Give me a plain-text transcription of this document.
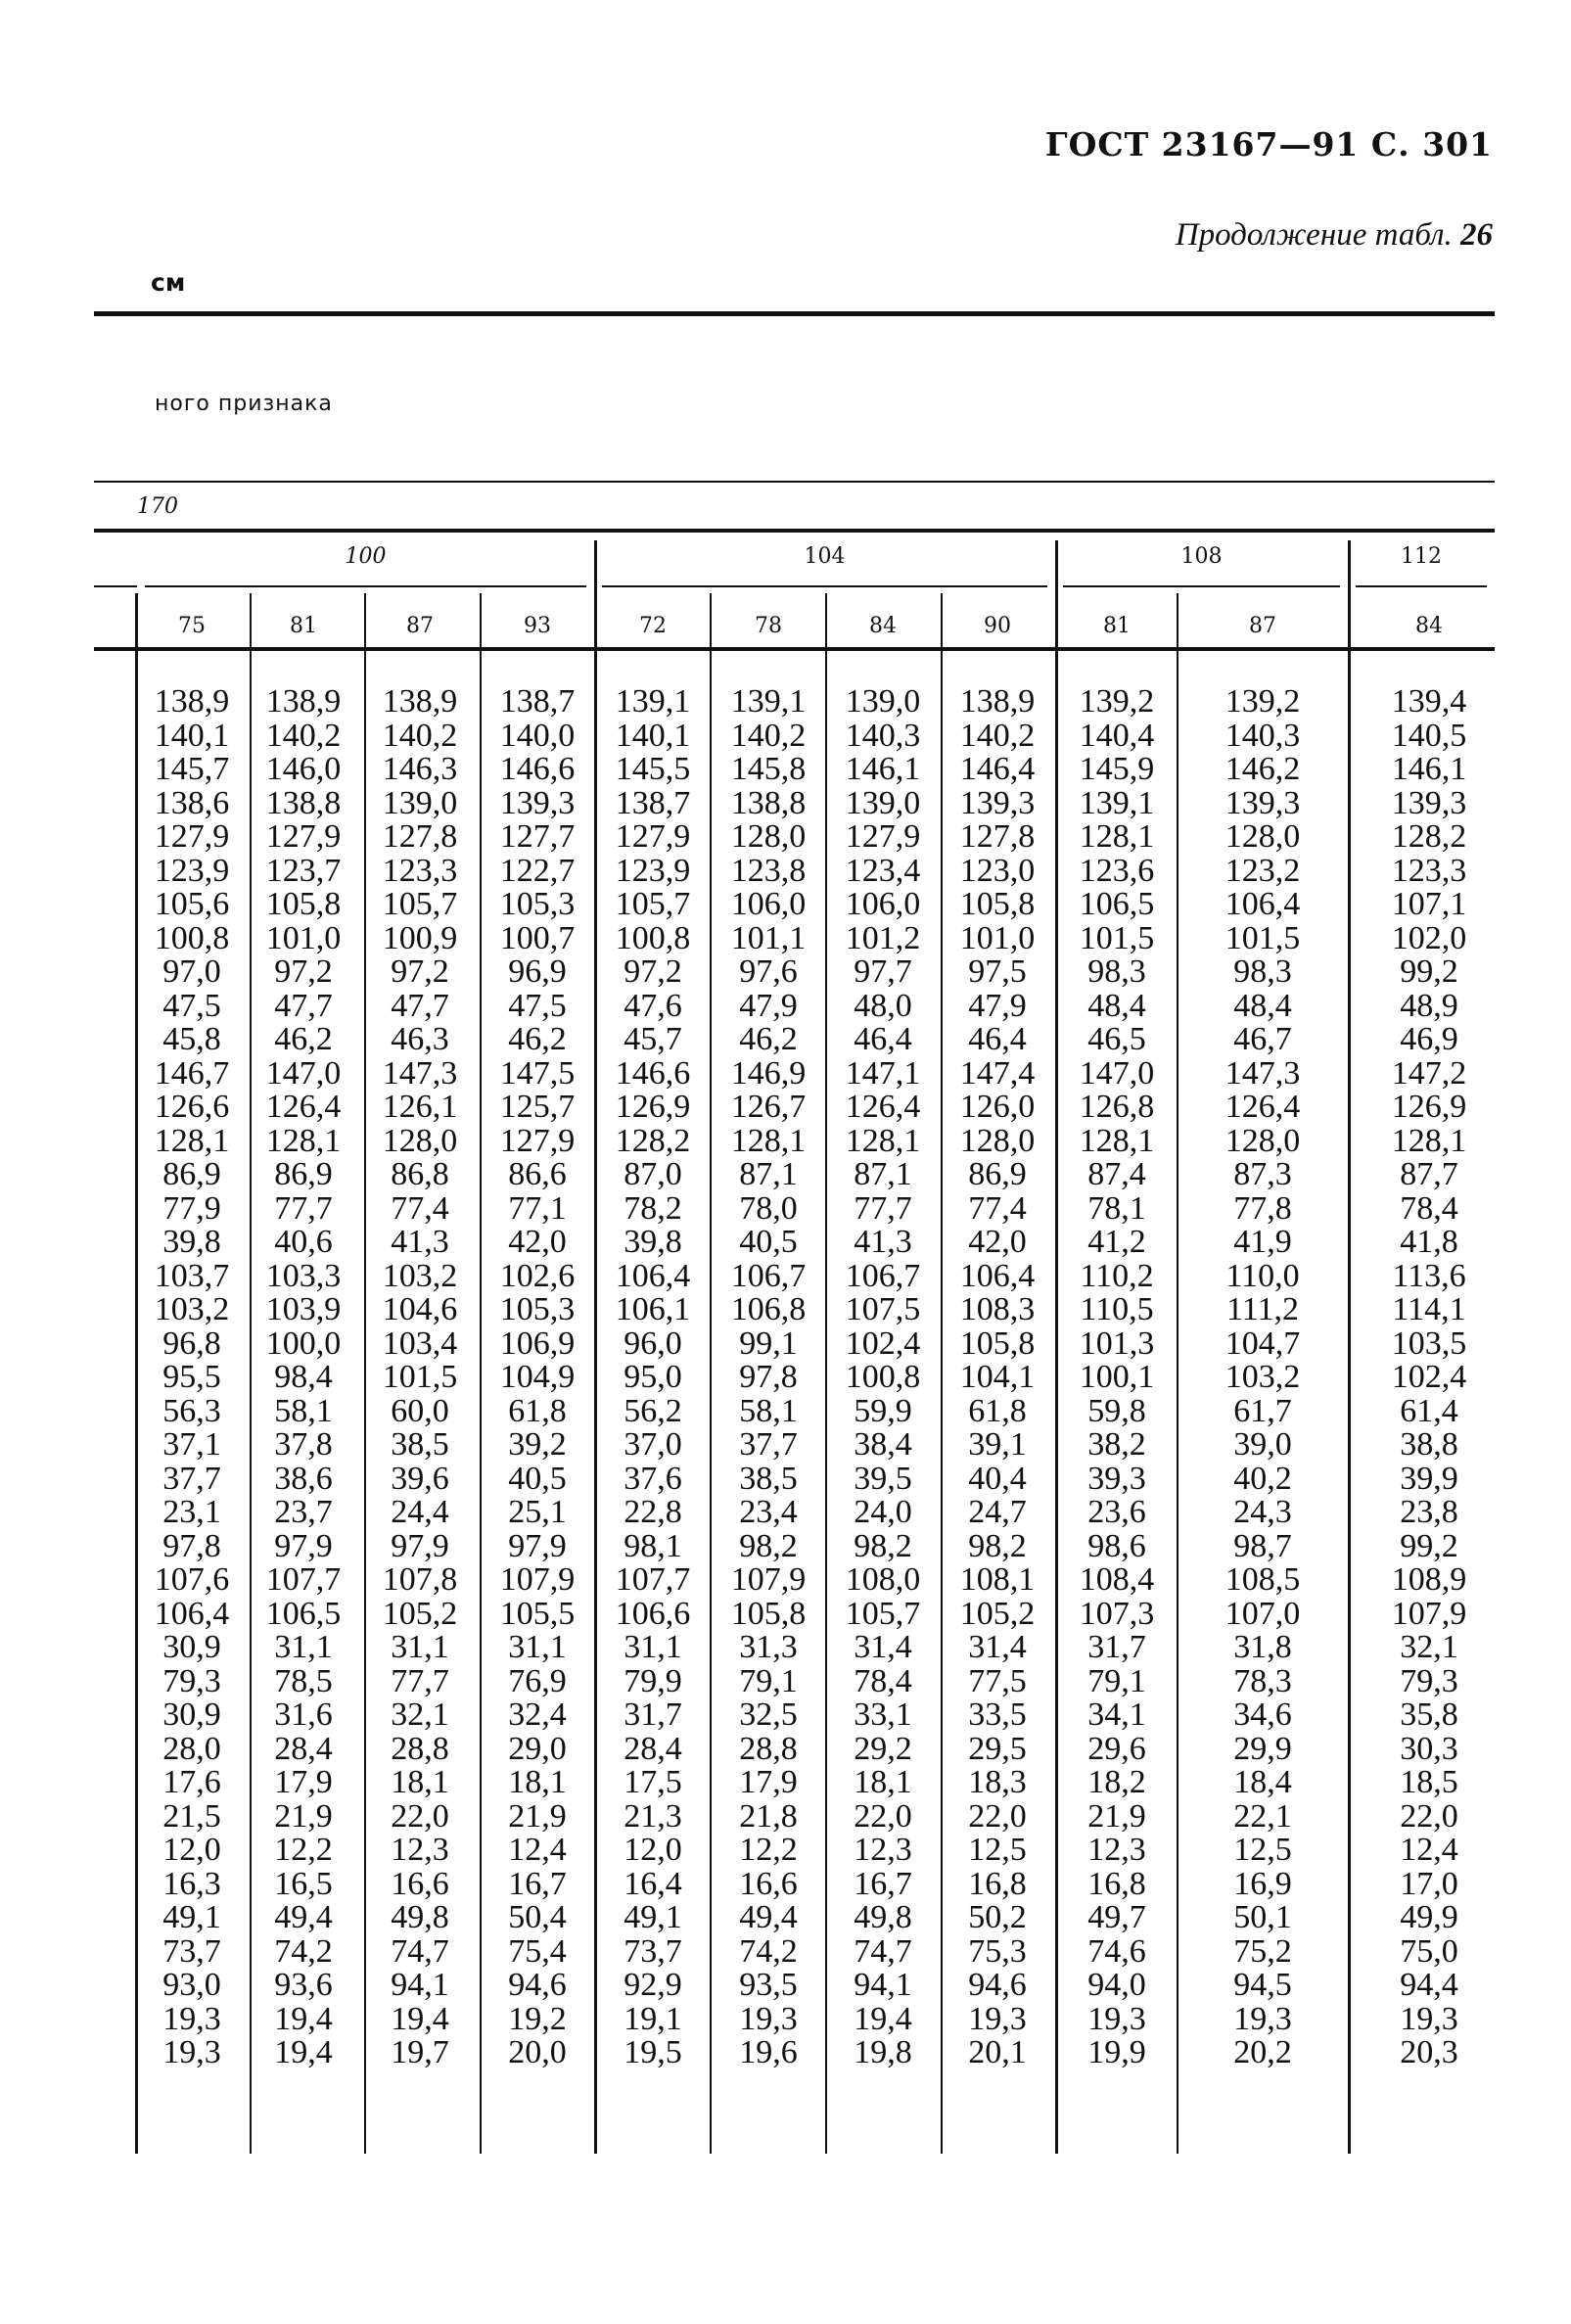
ГОСТ 23167—91 С. 301
Продолжение табл. 26
см
ного признака
170
100	104	108	112
75	81	87	93	72	78	84	90	81	87	84
138,9 138,9 138,9 138,7 139,1 139,1 139,0 138,9 139,2 139,2	139,4
140,1 140,2 140,2 140,0 140,1 140,2 140,3 140,2 140,4 140,3	140,5
145,7 146,0 146,3 146,6 145,5 145,8 146,1 146,4 145,9 146,2	146,1
138,6 138,8 139,0 139,3 138,7 138,8 139,0 139,3 139,1 139,3	139,3
127,9 127,9 127,8 127,7 127,9 128,0 127,9 127,8 128,1 128,0	128,2
123,9 123,7 123,3 122,7 123,9 123,8 123,4 123,0 123,6 123,2	123,3
105,6 105,8 105,7 105,3 105,7 106,0 106,0 105,8 106,5 106,4	107,1
100,8 101,0 100,9 100,7 100,8 101,1 101,2 101,0 101,5 101,5	102,0
97,0 97,2 97,2 96,9 97,2 97,6 97,7 97,5 98,3	98,3	99,2
47,5 47,7 47,7 47,5 47,6 47,9 48,0 47,9 48,4	48,4	48,9
45,8 46,2 46,3 46,2 45,7 46,2 46,4 46,4 46,5	46,7	46,9
146,7 147,0 147,3 147,5 146,6 146,9 147,1 147,4 147,0 147,3	147,2
126,6 126,4 126,1 125,7 126,9 126,7 126,4 126,0 126,8 126,4	126,9
128,1 128,1 128,0 127,9 128,2 128,1 128,1 128,0 128,1 128,0	128,1
86,9 86,9 86,8 86,6 87,0 87,1 87,1 86,9 87,4	87,3	87,7
77,9 77,7 77,4 77,1 78,2 78,0 77,7 77,4 78,1	77,8	78,4
39,8 40,6 41,3 42,0 39,8 40,5 41,3 42,0 41,2	41,9	41,8
103,7 103,3 103,2 102,6 106,4 106,7 106,7 106,4 110,2 110,0	113,6
103,2 103,9 104,6 105,3 106,1 106,8 107,5 108,3 110,5 111,2	114,1
96,8 100,0 103,4 106,9 96,0 99,1 102,4 105,8 101,3 104,7	103,5
95,5 98,4 101,5 104,9 95,0 97,8 100,8 104,1 100,1 103,2	102,4
56,3 58,1 60,0 61,8 56,2 58,1 59,9 61,8 59,8	61,7	61,4
37,1 37,8 38,5 39,2 37,0 37,7 38,4 39,1 38,2	39,0	38,8
37,7 38,6 39,6 40,5 37,6 38,5 39,5 40,4 39,3	40,2	39,9
23,1 23,7 24,4 25,1 22,8 23,4 24,0 24,7 23,6	24,3	23,8
97,8 97,9 97,9 97,9 98,1 98,2 98,2 98,2 98,6	98,7	99,2
107,6 107,7 107,8 107,9 107,7 107,9 108,0 108,1 108,4 108,5	108,9
106,4 106,5 105,2 105,5 106,6 105,8 105,7 105,2 107,3 107,0	107,9
30,9 31,1 31,1 31,1 31,1 31,3 31,4 31,4 31,7	31,8	32,1
79,3 78,5 77,7 76,9 79,9 79,1 78,4 77,5 79,1	78,3	79,3
30,9 31,6 32,1 32,4 31,7 32,5 33,1 33,5 34,1	34,6	35,8
28,0 28,4 28,8 29,0 28,4 28,8 29,2 29,5 29,6	29,9	30,3
17,6 17,9 18,1 18,1 17,5 17,9 18,1 18,3 18,2	18,4	18,5
21,5 21,9 22,0 21,9 21,3 21,8 22,0 22,0 21,9	22,1	22,0
12,0 12,2 12,3 12,4 12,0 12,2 12,3 12,5 12,3	12,5	12,4
16,3 16,5 16,6 16,7 16,4 16,6 16,7 16,8 16,8	16,9	17,0
49,1 49,4 49,8 50,4 49,1 49,4 49,8 50,2 49,7	50,1	49,9
73,7 74,2 74,7 75,4 73,7 74,2 74,7 75,3 74,6	75,2	75,0
93,0 93,6 94,1 94,6 92,9 93,5 94,1 94,6 94,0	94,5	94,4
19,3 19,4 19,4 19,2 19,1 19,3 19,4 19,3 19,3	19,3	19,3
19,3 19,4 19,7 20,0 19,5 19,6 19,8 20,1 19,9	20,2	20,3
